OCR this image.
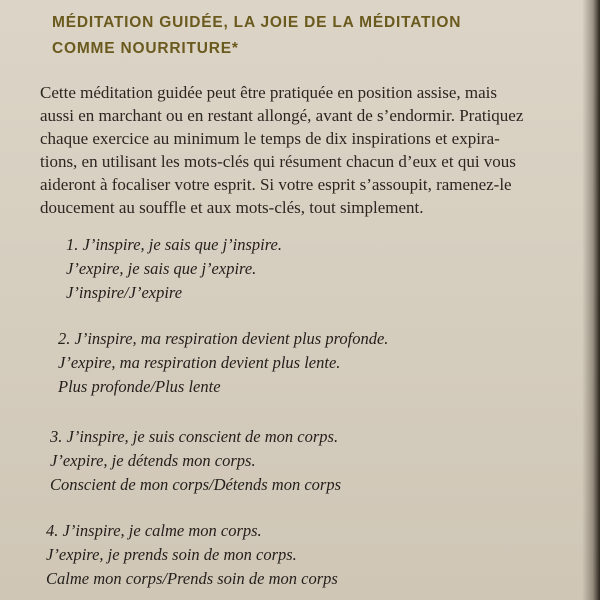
MÉDITATION GUIDÉE, LA JOIE DE LA MÉDITATION
COMME NOURRITURE*
Cette méditation guidée peut être pratiquée en position assise, mais
aussi en marchant ou en restant allongé, avant de s’endormir. Pratiquez
chaque exercice au minimum le temps de dix inspirations et expira-
tions, en utilisant les mots-clés qui résument chacun d’eux et qui vous
aideront à focaliser votre esprit. Si votre esprit s’assoupit, ramenez-le
doucement au souffle et aux mots-clés, tout simplement.
1. J’inspire, je sais que j’inspire.
J’expire, je sais que j’expire.
J’inspire/J’expire
2. J’inspire, ma respiration devient plus profonde.
J’expire, ma respiration devient plus lente.
Plus profonde/Plus lente
3. J’inspire, je suis conscient de mon corps.
J’expire, je détends mon corps.
Conscient de mon corps/Détends mon corps
4. J’inspire, je calme mon corps.
J’expire, je prends soin de mon corps.
Calme mon corps/Prends soin de mon corps
